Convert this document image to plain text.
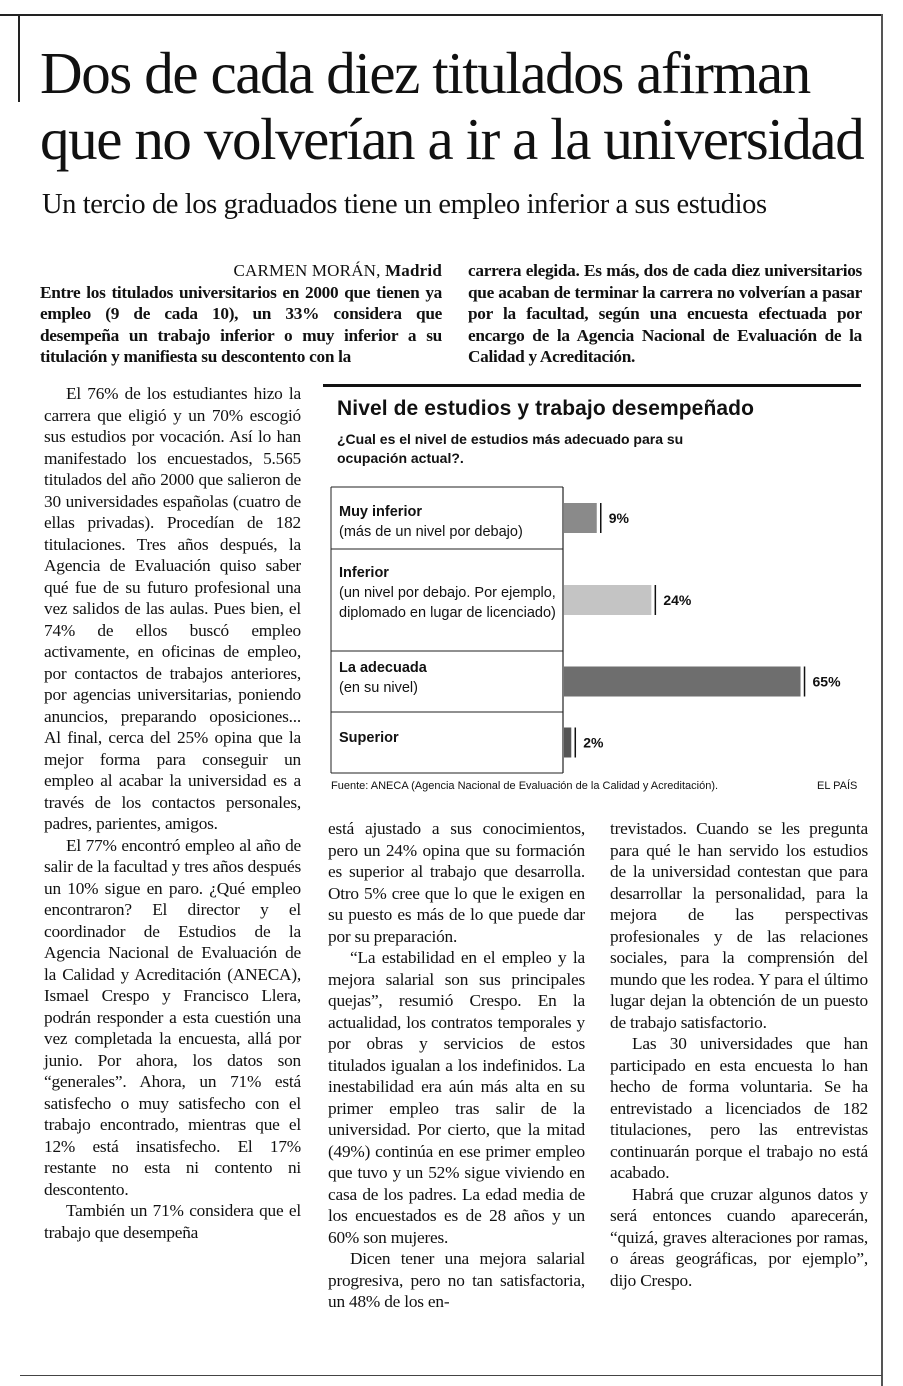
Dos de cada diez titulados afirman
que no volverían a ir a la universidad
Un tercio de los graduados tiene un empleo inferior a sus estudios
CARMEN MORÁN, Madrid
Entre los titulados universitarios en 2000 que tienen ya empleo (9 de cada 10), un 33% considera que desempeña un trabajo inferior o muy inferior a su titulación y manifiesta su descontento con la
carrera elegida. Es más, dos de cada diez universitarios que acaban de terminar la carrera no volverían a pasar por la facultad, según una encuesta efectuada por encargo de la Agencia Nacional de Evaluación de la Calidad y Acreditación.

El 76% de los estudiantes hizo la carrera que eligió y un 70% escogió sus estudios por vocación. Así lo han manifestado los encuestados, 5.565 titulados del año 2000 que salieron de 30 universidades españolas (cuatro de ellas privadas). Procedían de 182 titulaciones. Tres años después, la Agencia de Evaluación quiso saber qué fue de su futuro profesional una vez salidos de las aulas. Pues bien, el 74% de ellos buscó empleo activamente, en oficinas de empleo, por contactos de trabajos anteriores, por agencias universitarias, poniendo anuncios, preparando oposiciones... Al final, cerca del 25% opina que la mejor forma para conseguir un empleo al acabar la universidad es a través de los contactos personales, padres, parientes, amigos.

El 77% encontró empleo al año de salir de la facultad y tres años después un 10% sigue en paro. ¿Qué empleo encontraron? El director y el coordinador de Estudios de la Agencia Nacional de Evaluación de la Calidad y Acreditación (ANECA), Ismael Crespo y Francisco Llera, podrán responder a esta cuestión una vez completada la encuesta, allá por junio. Por ahora, los datos son “generales”. Ahora, un 71% está satisfecho o muy satisfecho con el trabajo encontrado, mientras que el 12% está insatisfecho. El 17% restante no esta ni contento ni descontento.

También un 71% considera que el trabajo que desempeña

está ajustado a sus conocimientos, pero un 24% opina que su formación es superior al trabajo que desarrolla. Otro 5% cree que lo que le exigen en su puesto es más de lo que puede dar por su preparación.

“La estabilidad en el empleo y la mejora salarial son sus principales quejas”, resumió Crespo. En la actualidad, los contratos temporales y por obras y servicios de estos titulados igualan a los indefinidos. La inestabilidad era aún más alta en su primer empleo tras salir de la universidad. Por cierto, que la mitad (49%) continúa en ese primer empleo que tuvo y un 52% sigue viviendo en casa de los padres. La edad media de los encuestados es de 28 años y un 60% son mujeres.

Dicen tener una mejora salarial progresiva, pero no tan satisfactoria, un 48% de los en-

trevistados. Cuando se les pregunta para qué le han servido los estudios de la universidad contestan que para desarrollar la personalidad, para la mejora de las perspectivas profesionales y de las relaciones sociales, para la comprensión del mundo que les rodea. Y para el último lugar dejan la obtención de un puesto de trabajo satisfactorio.

Las 30 universidades que han participado en esta encuesta lo han hecho de forma voluntaria. Se ha entrevistado a licenciados de 182 titulaciones, pero las entrevistas continuarán porque el trabajo no está acabado.

Habrá que cruzar algunos datos y será entonces cuando aparecerán, “quizá, graves alteraciones por ramas, o áreas geográficas, por ejemplo”, dijo Crespo.

Nivel de estudios y trabajo desempeñado
¿Cual es el nivel de estudios más adecuado para su ocupación actual?.
9%
24%
65%
2%
Muy inferior
(más de un nivel por debajo)
Inferior
(un nivel por debajo. Por ejemplo, diplomado en lugar de licenciado)
La adecuada
(en su nivel)
Superior
Fuente: ANECA (Agencia Nacional de Evaluación de la Calidad y Acreditación).	EL PAÍS
